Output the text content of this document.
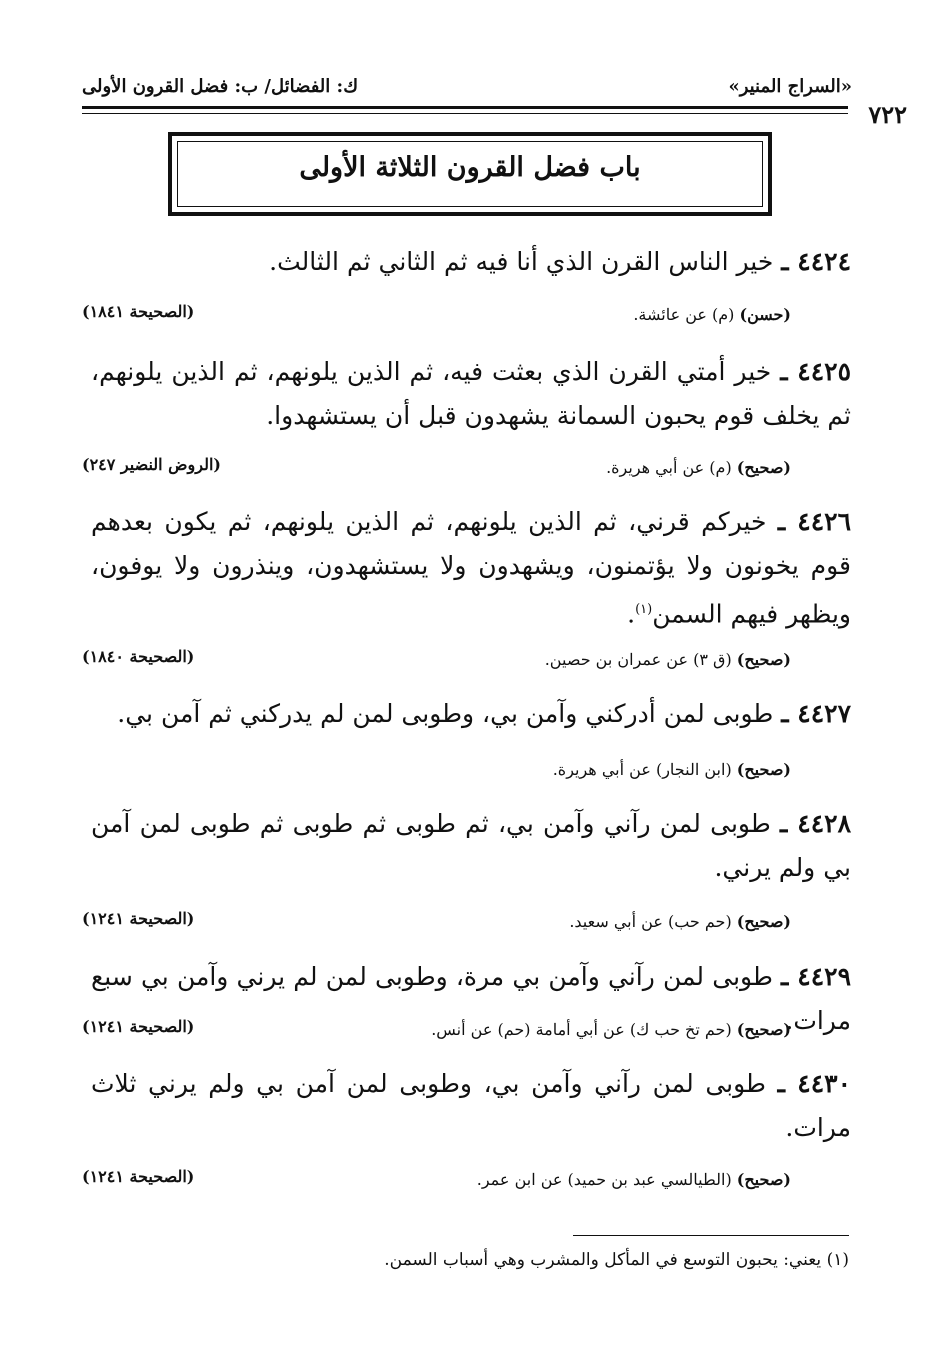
«السراج المنير»
ك: الفضائل/ ب: فضل القرون الأولى
٧٢٢
باب فضل القرون الثلاثة الأولى
٤٤٢٤ ـ خير الناس القرن الذي أنا فيه ثم الثاني ثم الثالث.
(حسن) (م) عن عائشة.
(الصحيحة ١٨٤١)
٤٤٢٥ ـ خير أمتي القرن الذي بعثت فيه، ثم الذين يلونهم، ثم الذين يلونهم، ثم يخلف قوم يحبون السمانة يشهدون قبل أن يستشهدوا.
(صحيح) (م) عن أبي هريرة.
(الروض النضير ٢٤٧)
٤٤٢٦ ـ خيركم قرني، ثم الذين يلونهم، ثم الذين يلونهم، ثم يكون بعدهم قوم يخونون ولا يؤتمنون، ويشهدون ولا يستشهدون، وينذرون ولا يوفون، ويظهر فيهم السمن$^{(١)}$.
(صحيح) (ق ٣) عن عمران بن حصين.
(الصحيحة ١٨٤٠)
٤٤٢٧ ـ طوبى لمن أدركني وآمن بي، وطوبى لمن لم يدركني ثم آمن بي.
(صحيح) (ابن النجار) عن أبي هريرة.
٤٤٢٨ ـ طوبى لمن رآني وآمن بي، ثم طوبى ثم طوبى ثم طوبى لمن آمن بي ولم يرني.
(صحيح) (حم حب) عن أبي سعيد.
(الصحيحة ١٢٤١)
٤٤٢٩ ـ طوبى لمن رآني وآمن بي مرة، وطوبى لمن لم يرني وآمن بي سبع مرات.
(صحيح) (حم تخ حب ك) عن أبي أمامة (حم) عن أنس.
(الصحيحة ١٢٤١)
٤٤٣٠ ـ طوبى لمن رآني وآمن بي، وطوبى لمن آمن بي ولم يرني ثلاث مرات.
(صحيح) (الطيالسي عبد بن حميد) عن ابن عمر.
(الصحيحة ١٢٤١)
(١) يعني: يحبون التوسع في المأكل والمشرب وهي أسباب السمن.
